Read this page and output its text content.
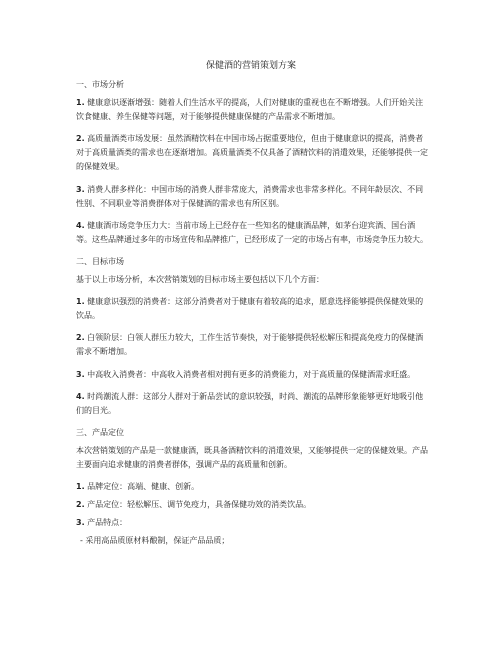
保健酒的营销策划方案
一、市场分析
1. 健康意识逐渐增强：随着人们生活水平的提高，人们对健康的重视也在不断增强。人们开始关注饮食健康、养生保健等问题，对于能够提供健康保健的产品需求不断增加。
2. 高质量酒类市场发展：虽然酒精饮料在中国市场占据重要地位，但由于健康意识的提高，消费者对于高质量酒类的需求也在逐渐增加。高质量酒类不仅具备了酒精饮料的消遣效果，还能够提供一定的保健效果。
3. 消费人群多样化：中国市场的消费人群非常庞大，消费需求也非常多样化。不同年龄层次、不同性别、不同职业等消费群体对于保健酒的需求也有所区别。
4. 健康酒市场竞争压力大：当前市场上已经存在一些知名的健康酒品牌，如茅台迎宾酒、国台酒等。这些品牌通过多年的市场宣传和品牌推广，已经形成了一定的市场占有率，市场竞争压力较大。
二、目标市场
基于以上市场分析，本次营销策划的目标市场主要包括以下几个方面：
1. 健康意识强烈的消费者：这部分消费者对于健康有着较高的追求，愿意选择能够提供保健效果的饮品。
2. 白领阶层：白领人群压力较大，工作生活节奏快，对于能够提供轻松解压和提高免疫力的保健酒需求不断增加。
3. 中高收入消费者：中高收入消费者相对拥有更多的消费能力，对于高质量的保健酒需求旺盛。
4. 时尚潮流人群：这部分人群对于新品尝试的意识较强，时尚、潮流的品牌形象能够更好地吸引他们的目光。
三、产品定位
本次营销策划的产品是一款健康酒，既具备酒精饮料的消遣效果，又能够提供一定的保健效果。产品主要面向追求健康的消费者群体，强调产品的高质量和创新。
1. 品牌定位：高端、健康、创新。
2. 产品定位：轻松解压、调节免疫力，具备保健功效的消类饮品。
3. 产品特点：
- 采用高品质原材料酿制，保证产品品质；
